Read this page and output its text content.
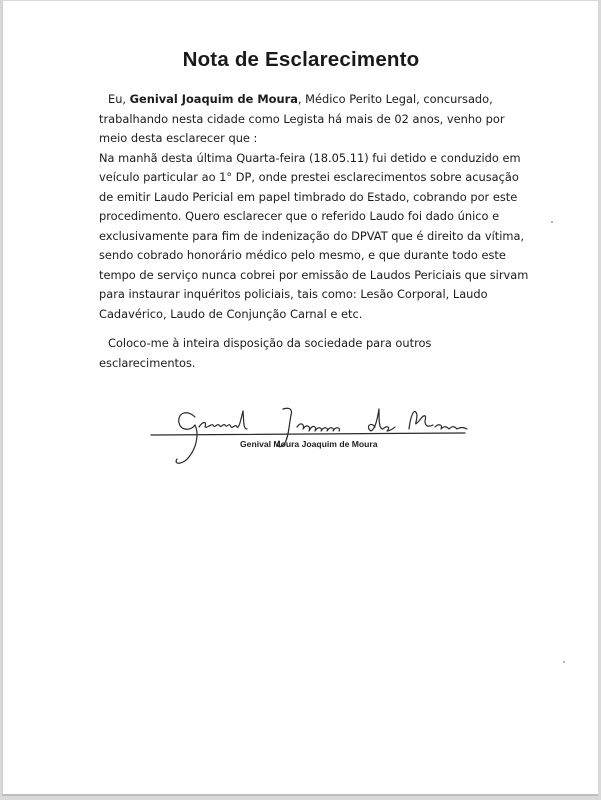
Nota de Esclarecimento
Eu, Genival Joaquim de Moura, Médico Perito Legal, concursado,
trabalhando nesta cidade como Legista há mais de 02 anos, venho por
meio desta esclarecer que :
Na manhã desta última Quarta-feira (18.05.11) fui detido e conduzido em
veículo particular ao 1° DP, onde prestei esclarecimentos sobre acusação
de emitir Laudo Pericial em papel timbrado do Estado, cobrando por este
procedimento. Quero esclarecer que o referido Laudo foi dado único e
exclusivamente para fim de indenização do DPVAT que é direito da vítima,
sendo cobrado honorário médico pelo mesmo, e que durante todo este
tempo de serviço nunca cobrei por emissão de Laudos Periciais que sirvam
para instaurar inquéritos policiais, tais como: Lesão Corporal, Laudo
Cadavérico, Laudo de Conjunção Carnal e etc.
Coloco-me à inteira disposição da sociedade para outros
esclarecimentos.
Genival Moura Joaquim de Moura
